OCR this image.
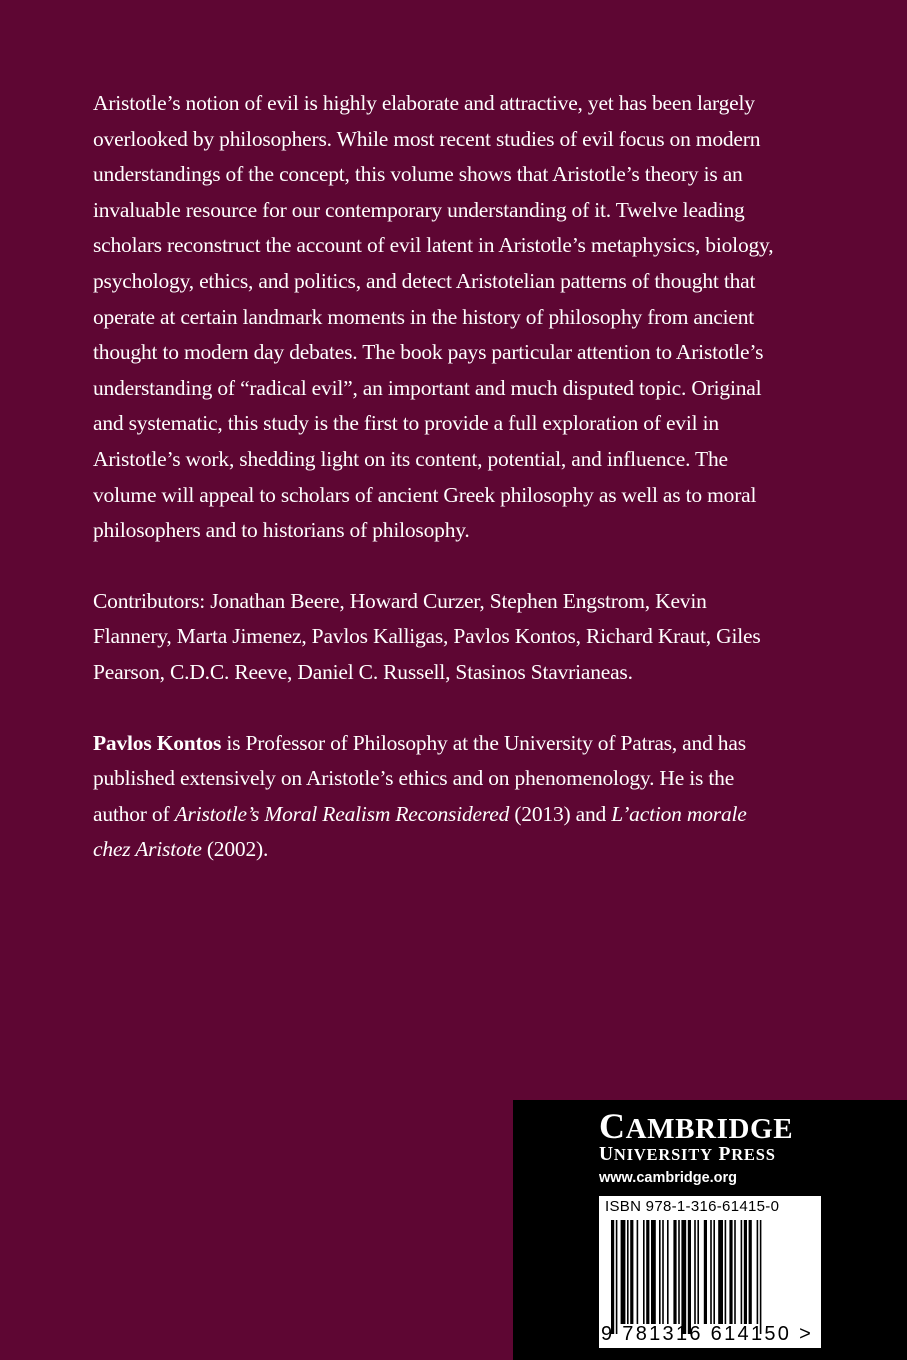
Aristotle’s notion of evil is highly elaborate and attractive, yet has been largely overlooked by philosophers. While most recent studies of evil focus on modern understandings of the concept, this volume shows that Aristotle’s theory is an invaluable resource for our contemporary understanding of it. Twelve leading scholars reconstruct the account of evil latent in Aristotle’s metaphysics, biology, psychology, ethics, and politics, and detect Aristotelian patterns of thought that operate at certain landmark moments in the history of philosophy from ancient thought to modern day debates. The book pays particular attention to Aristotle’s understanding of “radical evil”, an important and much disputed topic. Original and systematic, this study is the first to provide a full exploration of evil in Aristotle’s work, shedding light on its content, potential, and influence. The volume will appeal to scholars of ancient Greek philosophy as well as to moral philosophers and to historians of philosophy.

Contributors: Jonathan Beere, Howard Curzer, Stephen Engstrom, Kevin Flannery, Marta Jimenez, Pavlos Kalligas, Pavlos Kontos, Richard Kraut, Giles Pearson, C.D.C. Reeve, Daniel C. Russell, Stasinos Stavrianeas.

Pavlos Kontos is Professor of Philosophy at the University of Patras, and has published extensively on Aristotle’s ethics and on phenomenology. He is the author of Aristotle’s Moral Realism Reconsidered (2013) and L’action morale chez Aristote (2002).

CAMBRIDGE
UNIVERSITY PRESS
www.cambridge.org
ISBN 978-1-316-61415-0
9 781316 614150 >
